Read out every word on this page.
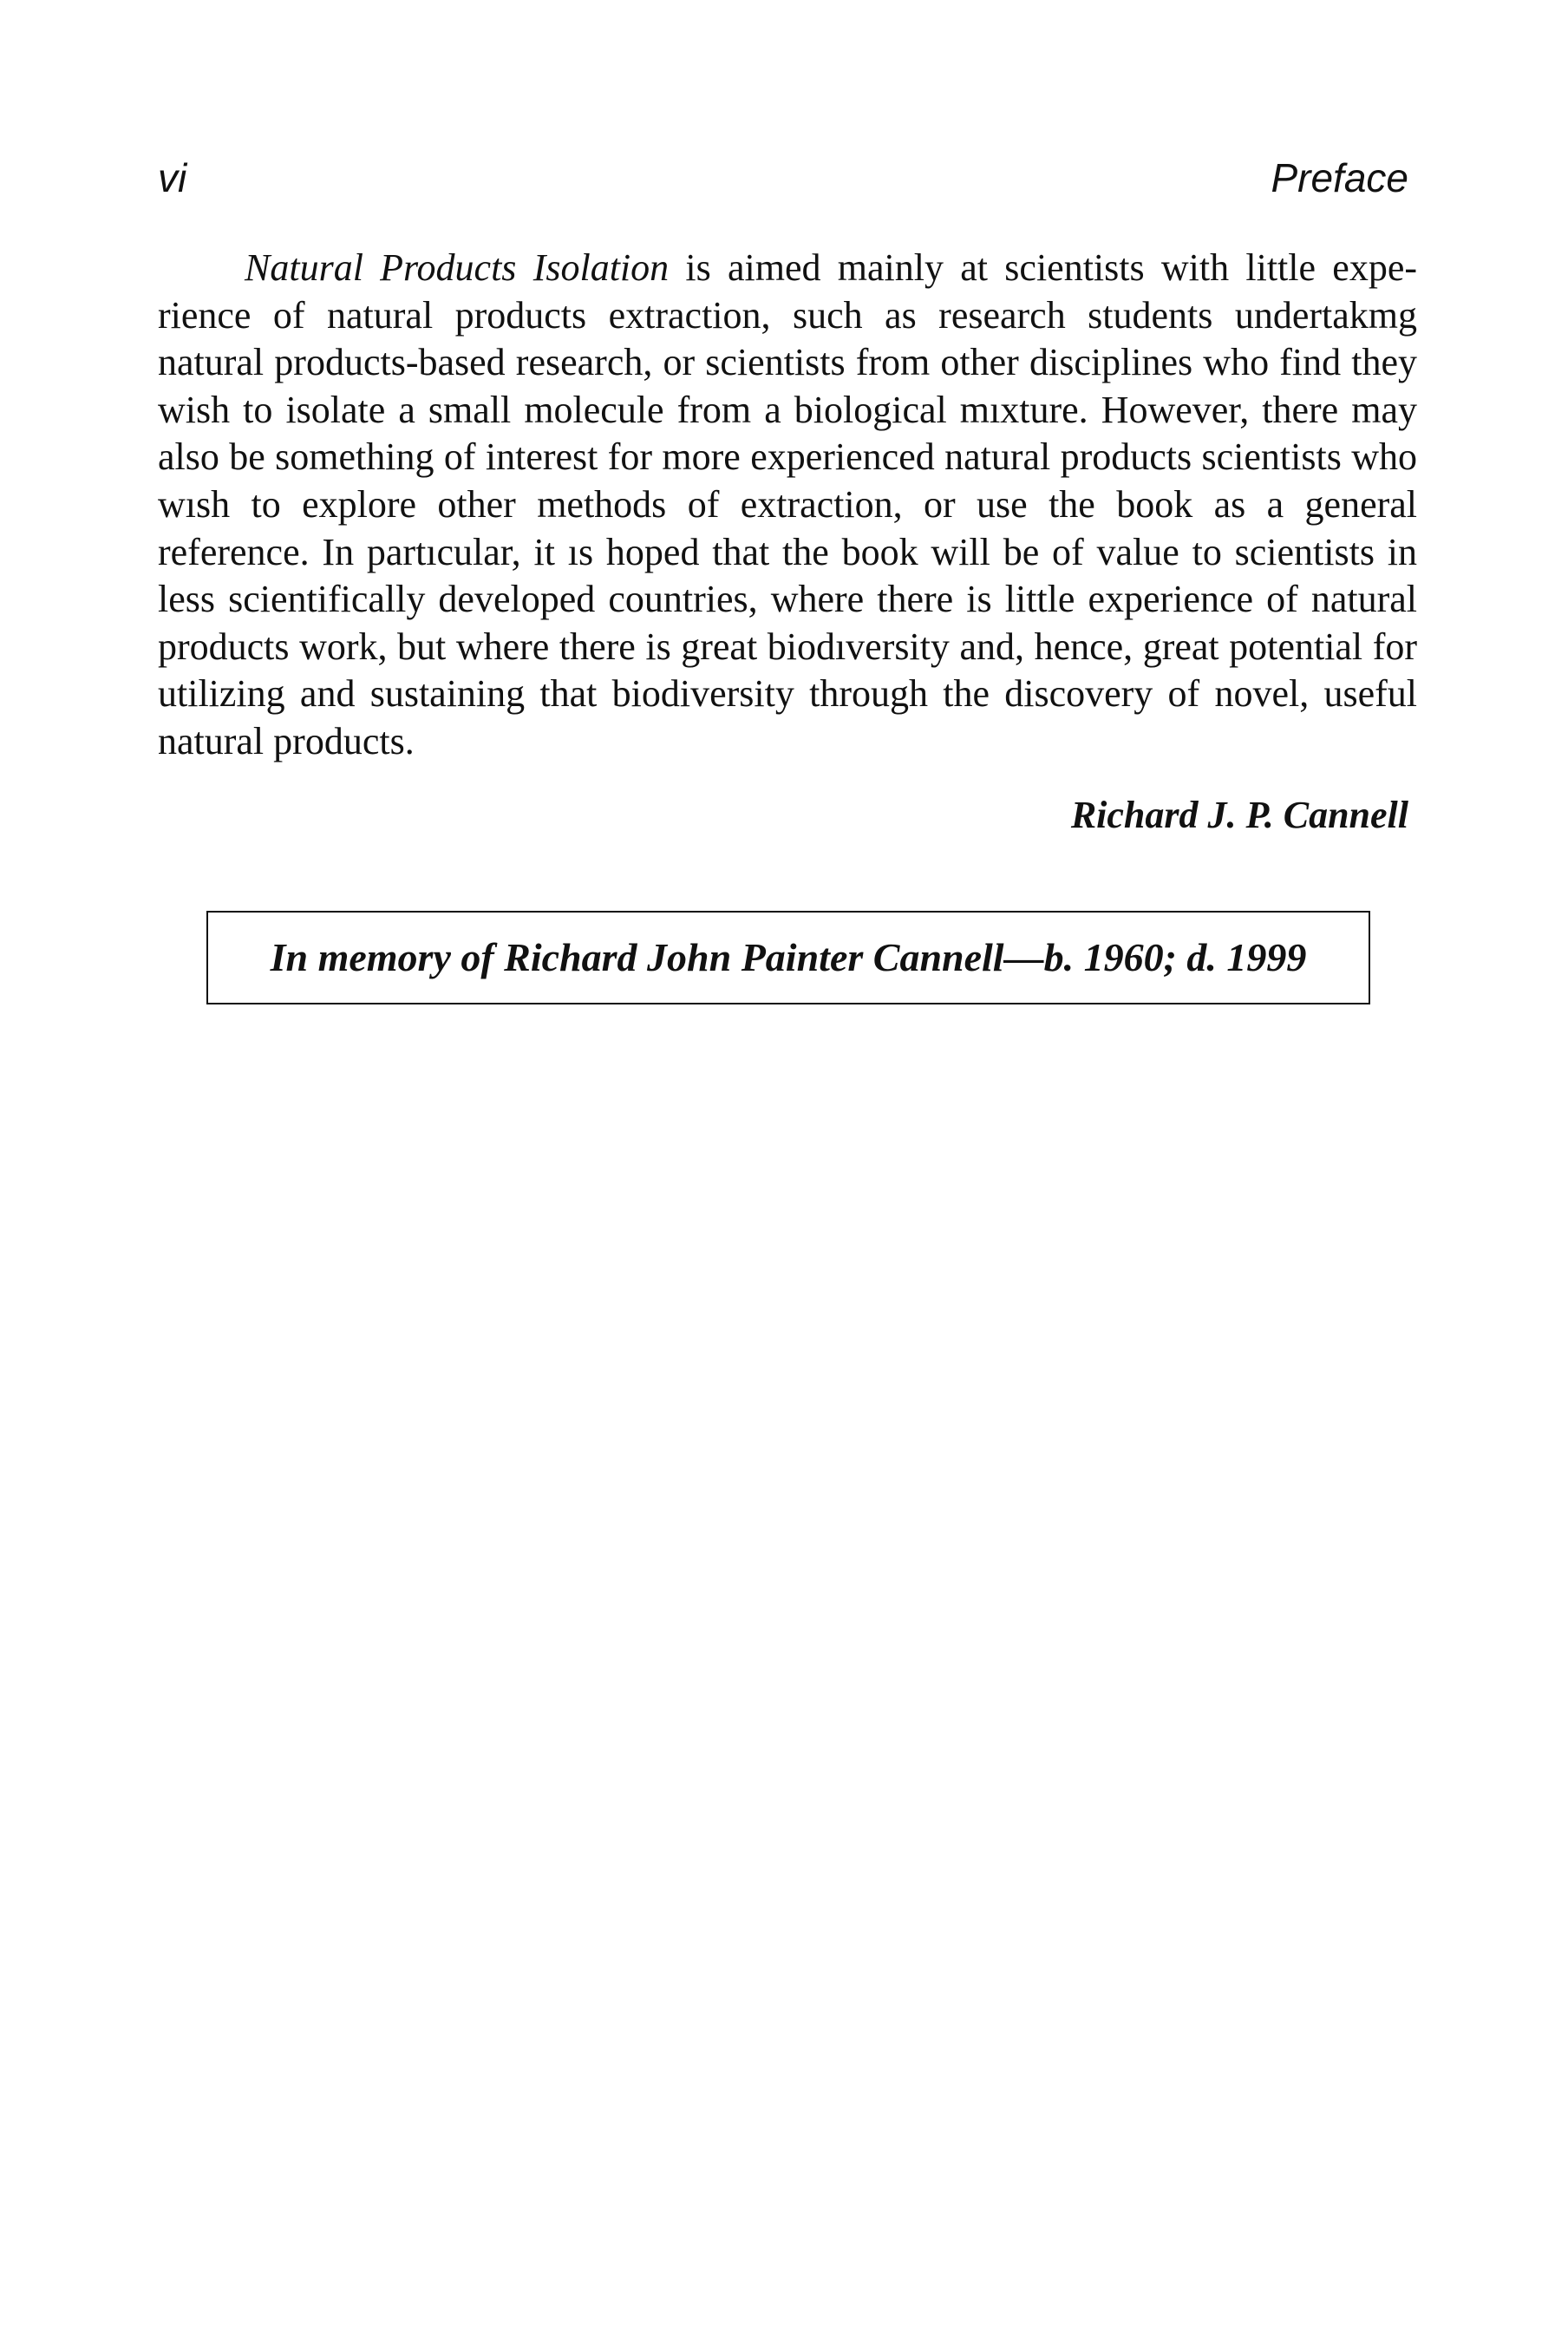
vi	Preface

Natural Products Isolation is aimed mainly at scientists with little experience of natural products extraction, such as research students undertakmg natural products-based research, or scientists from other disciplines who find they wish to isolate a small molecule from a biological mıxture. However, there may also be something of interest for more experienced natural products scientists who wısh to explore other methods of extraction, or use the book as a general reference. In partıcular, it ıs hoped that the book will be of value to scientists in less scientifically developed countries, where there is little experience of natural products work, but where there is great biodıversity and, hence, great potential for utilizing and sustaining that biodiversity through the discovery of novel, useful natural products.

Richard J. P. Cannell
In memory of Richard John Painter Cannell—b. 1960; d. 1999
